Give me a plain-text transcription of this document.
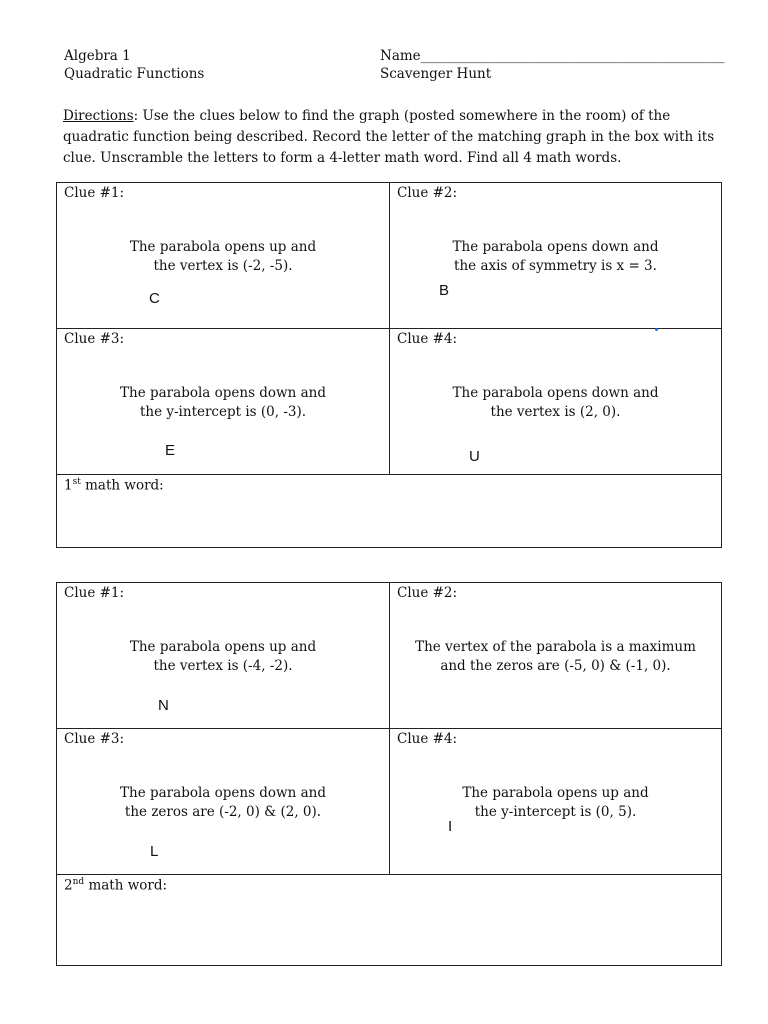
Algebra 1
Quadratic Functions
Name_____________________________________________
Scavenger Hunt
Directions: Use the clues below to find the graph (posted somewhere in the room) of the quadratic function being described. Record the letter of the matching graph in the box with its clue. Unscramble the letters to form a 4-letter math word. Find all 4 math words.
Clue #1:
The parabola opens up and
the vertex is (-2, -5).
C
Clue #2:
The parabola opens down and
the axis of symmetry is x = 3.
B
Clue #3:
The parabola opens down and
the y-intercept is (0, -3).
E
Clue #4:
The parabola opens down and
the vertex is (2, 0).
U
1st math word:
Clue #1:
The parabola opens up and
the vertex is (-4, -2).
N
Clue #2:
The vertex of the parabola is a maximum
and the zeros are (-5, 0) & (-1, 0).
Clue #3:
The parabola opens down and
the zeros are (-2, 0) & (2, 0).
L
Clue #4:
The parabola opens up and
the y-intercept is (0, 5).
I
2nd math word:
